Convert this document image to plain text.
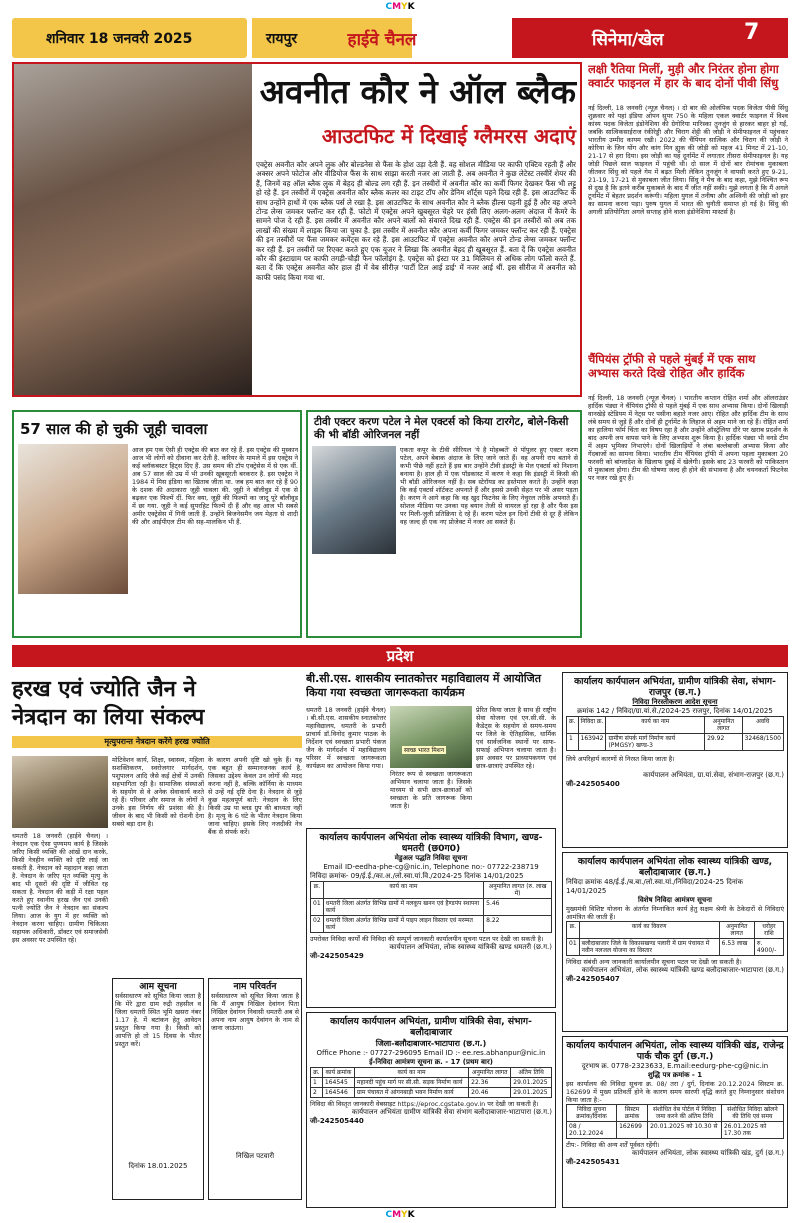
CMYK
CMYK
शनिवार 18 जनवरी 2025	रायपुर	हाईवे चैनल	सिनेमा/खेल	7
अवनीत कौर ने ऑल ब्लैक
आउटफिट में दिखाई ग्लैमरस अदाएं
एक्ट्रेस अवनीत कौर अपने लुक और बोल्डनेस से फैंस के होश उड़ा देती हैं. वह सोशल मीडिया पर काफी एक्टिव रहती हैं और अक्सर अपने फोटोज और वीडियोज फैंस के साथ साझा करती नजर आ जाती हैं. अब अवनीत ने कुछ लेटेस्ट तस्वीरें शेयर की हैं, जिनमें वह ऑल ब्लैक लुक में बेहद ही बोल्ड लग रही हैं. इन तस्वीरों में अवनीत कौर का कर्वी फिगर देखकर फैंस भी लट्टू हो रहे हैं. इन तस्वीरों में एक्ट्रेस अवनीत कौर ब्लैक कलर का टाइट टॉप और डेनिम शॉर्ट्स पहने दिख रही हैं. इस आउटफिट के साथ उन्होंने हाथों में एक ब्लैक पर्स ले रखा है. इस आउटफिट के साथ अवनीत कौर ने ब्लैक हील्स पहनी हुई हैं और वह अपने टोन्ड लेग्स जमकर फ्लॉन्ट कर रही हैं. फोटो में एक्ट्रेस अपने खुबसूरत चेहरे पर हंसी लिए अलग-अलग अंदाज में कैमरे के सामने पोज दे रही हैं. इस तस्वीर में अवनीत कौर अपने बालों को संवारते दिख रही हैं. एक्ट्रेस की इन तस्वीरों को अब तक लाखों की संख्या में लाइक किया जा चुका है. इस तस्वीर में अवनीत कौर अपना कर्वी फिगर जमकर फ्लॉन्ट कर रही हैं. एक्ट्रेस की इन तस्वीरों पर फैंस जमकर कमेंट्स कर रहे हैं. इस आउटफिट में एक्ट्रेस अवनीत कौर अपने टोन्ड लेग्स जमकर फ्लॉन्ट कर रही हैं. इन तस्वीरों पर रिएक्ट करते हुए एक यूजर ने लिखा कि अवनीत बेहद ही खूबसूरत हैं. बता दें कि एक्ट्रेस अवनीत कौर की इंस्टाग्राम पर काफी तगड़ी-चौड़ी फैन फॉलोइंग है. एक्ट्रेस को इंस्टा पर 31 मिलियन से अधिक लोग फॉलो करते हैं. बता दें कि एक्ट्रेस अवनीत कौर हाल ही में वेब सीरीज़ 'पार्टी टिल आई डाई' में नजर आई थीं. इस सीरीज में अवनीत को काफी पसंद किया गया था.
लक्षी रैतिया मिलीं, मुड़ी और निरंतर होना होगा क्वार्टर फाइनल में हार के बाद दोनों पीवी सिंधु
नई दिल्ली, 18 जनवरी (न्यूज़ चैनल) । दो बार की ओलंपिक पदक विजेता पीवी सिंधु शुक्रवार को यहां इंडिया ओपन सुपर 750 के महिला एकल क्वार्टर फाइनल में विश्व कांस्य पदक विजेता इंडोनेशिया की ग्रेगोरिया मारिस्का तुनजुंग से हारकर बाहर हो गईं, जबकि सात्विकसाईराज रंकीरेड्डी और चिराग शेट्टी की जोड़ी ने सेमीफाइनल में पहुंचकर भारतीय उम्मीद कायम रखी। 2022 की चैंपियन सात्विक और चिराग की जोड़ी ने कोरिया के जिन योंग और कांग मिन ह्युक की जोड़ी को महज 41 मिनट में 21-10, 21-17 से हरा दिया। इस जोड़ी का यह दूर्नामेंट में लगातार तीसरा सेमीफाइनल है। यह जोड़ी पिछले साल फाइनल में पहुंची थी। दो साल में दोनों बार रोमांचक मुकाबला जीतकर सिंधु को पहले गेम में बढ़त मिली लेकिन तुनजुंग ने वापसी करते हुए 9-21, 21-19, 17-21 से मुकाबला जीत लिया। सिंधु ने मैच के बाद कहा, मुझे निश्चित रूप से दुख है कि इतने करीब मुकाबले के बाद मैं जीत नहीं सकी। मुझे लगता है कि मैं अगले टूर्नामेंट में बेहतर प्रदर्शन करूंगी। महिला युगल में तनीषा और अश्विनी की जोड़ी को हार का सामना करना पड़ा। पुरुष युगल में भारत की चुनौती समाप्त हो गई है। सिंधु की अगली प्रतियोगिता अगले सप्ताह होने वाला इंडोनेशिया मास्टर्स है।
चैंपियंस ट्रॉफी से पहले मुंबई में एक साथ अभ्यास करते दिखे रोहित और हार्दिक
नई दिल्ली, 18 जनवरी (न्यूज़ चैनल) । भारतीय कप्तान रोहित शर्मा और ऑलराउंडर हार्दिक पंड्या ने चैंपियंस ट्रॉफी से पहले मुंबई में एक साथ अभ्यास किया। दोनों खिलाड़ी वानखेड़े स्टेडियम में नेट्स पर पसीना बहाते नजर आए। रोहित और हार्दिक टीम के साथ लंबे समय से जुड़े हैं और दोनों ही टूर्नामेंट के लिहाज से अहम माने जा रहे हैं। रोहित शर्मा का हालिया फॉर्म चिंता का विषय रहा है और उन्होंने ऑस्ट्रेलिया दौरे पर खराब प्रदर्शन के बाद अपनी लय वापस पाने के लिए अभ्यास शुरू किया है। हार्दिक पंड्या भी वनडे टीम में अहम भूमिका निभाएंगे। दोनों खिलाड़ियों ने लंबा बल्लेबाजी अभ्यास किया और गेंदबाजों का सामना किया। भारतीय टीम चैंपियंस ट्रॉफी में अपना पहला मुकाबला 20 फरवरी को बांग्लादेश के खिलाफ दुबई में खेलेगी। इसके बाद 23 फरवरी को पाकिस्तान से मुकाबला होगा। टीम की घोषणा जल्द ही होने की संभावना है और चयनकर्ता फिटनेस पर नजर रखे हुए हैं।
57 साल की हो चुकी जूही चावला
आज हम एक ऐसी ही एक्ट्रेस की बात कर रहे हैं. इस एक्ट्रेस की मुस्कान आज भी लोगों को दीवाना कर देती है. करियर के मामले में इस एक्ट्रेस ने कई ब्लॉकबस्टर हिट्स दिए हैं. उस समय की टॉप एक्ट्रेसेस में से एक थीं. अब 57 साल की उम्र में भी उनकी खूबसूरती बरकरार है. इस एक्ट्रेस ने 1984 में मिस इंडिया का खिताब जीता था. जब हम बात कर रहे हैं 90 के दशक की अदाकारा जूही चावला की. जूही ने बॉलीवुड में एक से बढ़कर एक फिल्में दीं. फिर क्या, जूही की फिल्मों का जादू पूरे बॉलीवुड में छा गया. जूही ने कई सुपरहिट फिल्में दी हैं और वह आज भी सबसे अमीर एक्ट्रेसेस में गिनी जाती हैं. उन्होंने बिजनेसमैन जय मेहता से शादी की और आईपीएल टीम की सह-मालकिन भी हैं.
टीवी एक्टर करण पटेल ने मेल एक्टर्स को किया टारगेट, बोले-किसी की भी बॉडी ओरिजनल नहीं
एकता कपूर के टीवी सीरियल 'ये है मोहब्बतें' से पॉपुलर हुए एक्टर करण पटेल, अपने बेबाक अंदाज के लिए जाने जाते हैं। वह अपनी राय बताने से कभी पीछे नहीं हटते हैं इस बार उन्होंने टीवी इंडस्ट्री के मेल एक्टर्स को निशाना बनाया है। हाल ही में एक पॉडकास्ट में करण ने कहा कि इंडस्ट्री में किसी की भी बॉडी ओरिजनल नहीं है। सब स्टेरॉयड का इस्तेमाल करते हैं। उन्होंने कहा कि कई एक्टर्स शॉर्टकट अपनाते हैं और इससे उनकी सेहत पर भी असर पड़ता है। करण ने आगे कहा कि वह खुद फिटनेस के लिए नेचुरल तरीके अपनाते हैं। सोशल मीडिया पर उनका यह बयान तेजी से वायरल हो रहा है और फैंस इस पर मिली-जुली प्रतिक्रिया दे रहे हैं। करण पटेल इन दिनों टीवी से दूर हैं लेकिन वह जल्द ही एक नए प्रोजेक्ट में नजर आ सकते हैं।
प्रदेश
हरख एवं ज्योति जैन ने
नेत्रदान का लिया संकल्प
मृत्युपरान्त नेत्रदान करेंगे हरख ज्योति
धमतरी 18 जनवरी (हाईवे चैनल) । नेत्रदान एक ऐसा पुण्यमय कार्य है जिसके जरिए किसी व्यक्ति की आंखें दान करके, किसी नेत्रहीन व्यक्ति को दृष्टि लाई जा सकती है. नेत्रदान को महादान कहा जाता है. नेत्रदान के जरिए मृत व्यक्ति मृत्यु के बाद भी दूसरों की दृष्टि में जीवित रह सकता है. नेत्रदान की कड़ी में रक्षा पहल करते हुए स्थानीय हरख जैन एवं उनकी पत्नी ज्योति जैन ने नेत्रदान का संकल्प लिया। आज के युग में हर व्यक्ति को नेत्रदान करना चाहिए। ग्रामीण चिकित्सा सहायक अधिकारी, डॉक्टर एवं समाजसेवी इस अवसर पर उपस्थित रहे।
मोटिवेशन कार्य, शिक्षा, स्वास्थ्य, महिला सशक्तिकरण, स्वरोजगार मार्गदर्शन, पशुपालन आदि जैसे कई क्षेत्रों में उनकी सहभागिता रही है। सामाजिक संस्थाओं के सहयोग से वे अनेक सेवाकार्य करते रहे हैं। परिवार और समाज के लोगों ने उनके इस निर्णय की प्रशंसा की है। जीवन के बाद भी किसी को रोशनी देना सबसे बड़ा दान है।
के कारण अपनी दृष्टि खो चुके हैं। यह एक बहुत ही सम्मानजनक कार्य है, जिसका उद्देश्य केवल उन लोगों की मदद करना नहीं है, बल्कि कॉर्निया के माध्यम से उन्हें नई दृष्टि देना है। नेत्रदान से जुड़े कुछ महत्वपूर्ण बातें: नेत्रदान के लिए किसी उम्र या ब्लड ग्रुप की बाध्यता नहीं है। मृत्यु के 6 घंटे के भीतर नेत्रदान किया जाना चाहिए। इसके लिए नजदीकी नेत्र बैंक से संपर्क करें।
आम सूचना
सर्वसाधारण को सूचित किया जाता है कि मेरे द्वारा ग्राम रुद्री तहसील व जिला धमतरी स्थित भूमि खसरा नंबर 1.17 हे. में बटांकन हेतु आवेदन प्रस्तुत किया गया है। किसी को आपत्ति हो तो 15 दिवस के भीतर प्रस्तुत करें।
दिनांक 18.01.2025
नाम परिवर्तन
सर्वसाधारण को सूचित किया जाता है कि मैं आयुष निखिल देवांगन पिता निखिल देवांगन निवासी धमतरी अब से अपना नाम आयुष देवांगन के नाम से जाना जाऊंगा।
निखिल पटवारी
बी.सी.एस. शासकीय स्नातकोत्तर महाविद्यालय में आयोजित किया गया स्वच्छता जागरूकता कार्यक्रम
धमतरी 18 जनवरी (हाईवे चैनल) । बी.सी.एस. शासकीय स्नातकोत्तर महाविद्यालय, धमतरी के प्रभारी प्राचार्य डॉ.विनोद कुमार पाठक के निर्देशन एवं स्वच्छता प्रभारी पंकज जैन के मार्गदर्शन में महाविद्यालय परिसर में स्वच्छता जागरूकता कार्यक्रम का आयोजन किया गया।
स्वच्छ भारत मिशन
निरंतर रूप से स्वच्छता जागरूकता अभियान चलाया जाता है। जिसके माध्यम से सभी छात्र-छात्राओं को स्वच्छता के प्रति जागरूक किया जाता है।
प्रेरित किया जाता है साथ ही राष्ट्रीय सेवा योजना एवं एन.सी.सी. के कैडेट्स के सहयोग से समय-समय पर जिले के ऐतिहासिक, धार्मिक एवं सार्वजनिक स्थानों पर साफ-सफाई अभियान चलाया जाता है। इस अवसर पर प्राध्यापकगण एवं छात्र-छात्राएं उपस्थित रहे।
कार्यालय कार्यपालन अभियंता लोक स्वास्थ्य यांत्रिकी विभाग, खण्ड-धमतरी (छ0ग0)
मेडुअल पद्धति निविदा सूचना
Email ID-eedha-phe-cg@nic.in, Telephone no:- 07722-238719
निविदा क्रमांक- 09/ई.ई./का.अ./लो.स्वा.यां.वि./2024-25 दिनांक 14/01/2025
क्र.	कार्य का नाम	अनुमानित लागत (रु. लाख में)
01	धमतरी जिला अंतर्गत विभिन्न ग्रामों में नलकूप खनन एवं हैण्डपंप स्थापना कार्य	5.46
02	धमतरी जिला अंतर्गत विभिन्न ग्रामों में पाइप लाइन विस्तार एवं मरम्मत कार्य	8.22
उपरोक्त निविदा कार्यों की निविदा की सम्पूर्ण जानकारी कार्यालयीन सूचना पटल पर देखी जा सकती है।
कार्यपालन अभियंता, लोक स्वास्थ्य यांत्रिकी खण्ड धमतरी (छ.ग.)
जी-242505429
कार्यालय कार्यपालन अभियंता, ग्रामीण यांत्रिकी सेवा, संभाग-बलौदाबाजार
जिला-बलौदाबाजार-भाटापारा (छ.ग.)
Office Phone :- 07727-296095 Email ID :- ee.res.abhanpur@nic.in
ई-निविदा आमंत्रण सूचना क्र. - 17 (प्रथम बार)
क्र.	कार्य क्रमांक	कार्य का नाम	अनुमानित लागत	अंतिम तिथि
1	164545	महानदी पहुंच मार्ग पर सी.सी. सड़क निर्माण कार्य	22.36	29.01.2025
2	164546	ग्राम पंचायत में आंगनबाड़ी भवन निर्माण कार्य	20.46	29.01.2025
निविदा की विस्तृत जानकारी वेबसाइट https://eproc.cgstate.gov.in पर देखी जा सकती है।
कार्यपालन अभियंता ग्रामीण यांत्रिकी सेवा संभाग बलौदाबाजार-भाटापारा (छ.ग.)
जी-242505440
कार्यालय कार्यपालन अभियंता, ग्रामीण यांत्रिकी सेवा, संभाग-राजपुर (छ.ग.)
निविदा निरस्तीकरण आदेश सूचना
क्रमांक 142 / निविदा/ग्रा.यां.से./2024-25 राजपुर, दिनांक 14/01/2025
क्र.	निविदा क्र.	कार्य का नाम	अनुमानित लागत	अवधि
1	163942	ग्रामीण संपर्क मार्ग निर्माण कार्य (PMGSY) खण्ड-3	29.92	32468/1500
लिये अपरिहार्य कारणों से निरस्त किया जाता है।
कार्यपालन अभियंता, ग्रा.यां.सेवा, संभाग-राजपुर (छ.ग.)
जी-242505400
कार्यालय कार्यपालन अभियंता लोक स्वास्थ्य यांत्रिकी खण्ड, बलौदाबाजार (छ.ग.)
निविदा क्रमांक 48/ई.ई./ब.बा./लो.स्वा.यां./निविदा/2024-25 दिनांक 14/01/2025
विशेष निविदा आमंत्रण सूचना
मुख्यमंत्री विशिष्ट योजना के अंतर्गत निम्नांकित कार्य हेतु सक्षम श्रेणी के ठेकेदारों से निविदाएं आमंत्रित की जाती हैं।
क्र.	कार्य का विवरण	अनुमानित लागत	धरोहर राशि
01	बलौदाबाजार जिले के विकासखण्ड पलारी में ग्राम पंचायत में नवीन नलजल योजना का विस्तार	6.53 लाख	रु. 4900/-
निविदा संबंधी अन्य जानकारी कार्यालयीन सूचना पटल पर देखी जा सकती है।
कार्यपालन अभियंता, लोक स्वास्थ्य यांत्रिकी खण्ड बलौदाबाजार-भाटापारा (छ.ग.)
जी-242505407
कार्यालय कार्यपालन अभियंता, लोक स्वास्थ्य यांत्रिकी खंड, राजेन्द्र पार्क चौक दुर्ग (छ.ग.)
दूरभाष क्र. 0778-2323633, E.mail:eedurg-phe-cg@nic.in
शुद्धि पत्र क्रमांक - 1
इस कार्यालय की निविदा सूचना क्र. 08/ तरा / दुर्ग, दिनांक 20.12.2024 सिस्टम क्र. 162699 में मुख्य प्रतिवर्ती होने के कारण समय सारणी वृद्धि करते हुए निम्नानुसार संशोधन किया जाता है:-
निविदा सूचना क्रमांक/दिनांक	सिस्टम क्रमांक	संशोधित वेब पोर्टल में निविदा जमा करने की अंतिम तिथि	संशोधित निविदा खोलने की तिथि एवं समय
08 / 20.12.2024	162699	20.01.2025 को 10.30 से	26.01.2025 को 17.30 तक
टीप:- निविदा की अन्य शर्तें पूर्ववत रहेंगी।
कार्यपालन अभियंता, लोक स्वास्थ्य यांत्रिकी खंड, दुर्ग (छ.ग.)
जी-242505431
